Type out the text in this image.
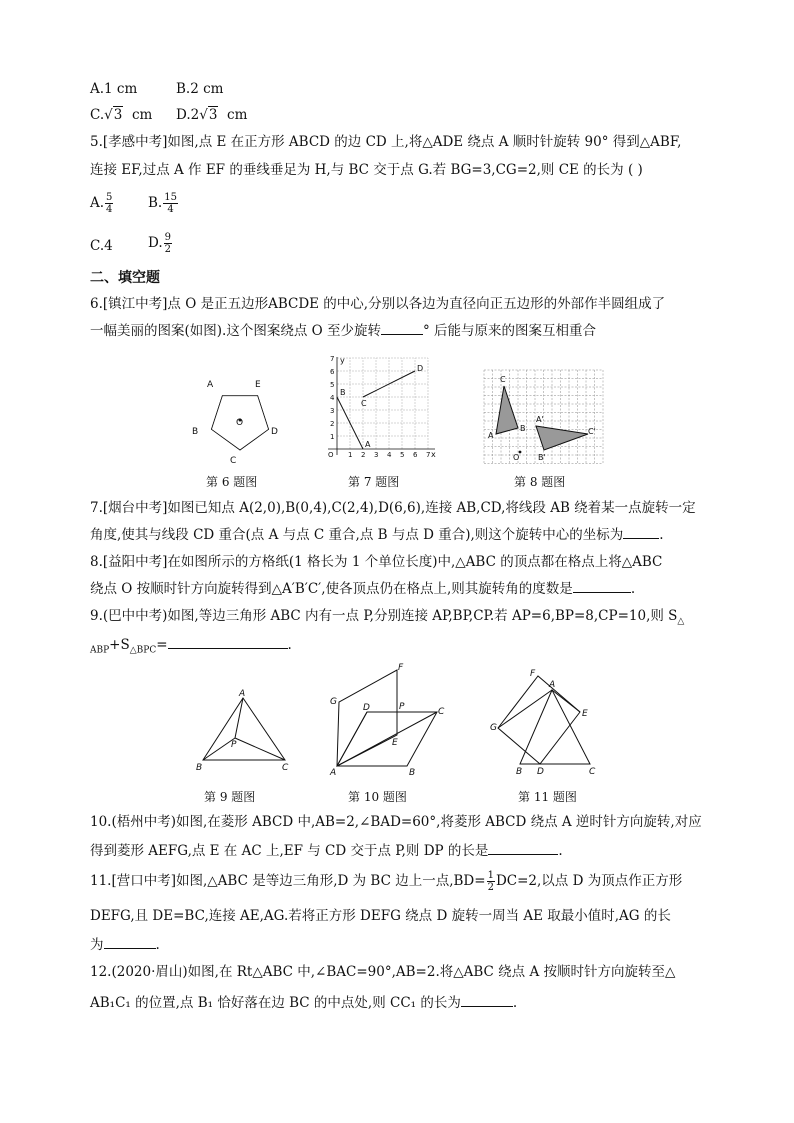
A.1 cm	B.2 cm
C.√3 cm D.2√3 cm
5.[孝感中考]如图,点 E 在正方形 ABCD 的边 CD 上,将△ADE 绕点 A 顺时针旋转 90° 得到△ABF,
连接 EF,过点 A 作 EF 的垂线垂足为 H,与 BC 交于点 G.若 BG=3,CG=2,则 CE 的长为 ( )
A. $\frac{5}{4}$	B. $\frac{15}{4}$
C.4	D. $\frac{9}{2}$
二、填空题
6.[镇江中考]点 O 是正五边形ABCDE 的中心,分别以各边为直径向正五边形的外部作半圆组成了
一幅美丽的图案(如图).这个图案绕点 O 至少旋转	° 后能与原来的图案互相重合
A	E
B	D
C
O
第 6 题图
y
x
O 1 2 3 4 5 6 7
1
2
3
4
5
6
7
A
B
C
D
第 7 题图
C
B
A
A'
C'
B'
O
第 8 题图
7.[烟台中考]如图已知点 A(2,0),B(0,4),C(2,4),D(6,6),连接 AB,CD,将线段 AB 绕着某一点旋转一定
角度,使其与线段 CD 重合(点 A 与点 C 重合,点 B 与点 D 重合),则这个旋转中心的坐标为	.
8.[益阳中考]在如图所示的方格纸(1 格长为 1 个单位长度)中,△ABC 的顶点都在格点上将△ABC
绕点 O 按顺时针方向旋转得到△A′B′C′,使各顶点仍在格点上,则其旋转角的度数是	.
9.(巴中中考)如图,等边三角形 ABC 内有一点 P,分别连接 AP,BP,CP.若 AP=6,BP=8,CP=10,则 $S_\triangle$
$_{ABP}+S_{\triangle BPC}=$	.
A
B	C
P
第 9 题图
A	B
C
D
E
F
G	P
第 10 题图
A
B	C
D
E
F
G
第 11 题图
10.(梧州中考)如图,在菱形 ABCD 中,AB=2,∠BAD=60°,将菱形 ABCD 绕点 A 逆时针方向旋转,对应
得到菱形 AEFG,点 E 在 AC 上,EF 与 CD 交于点 P,则 DP 的长是	.
11.[营口中考]如图,△ABC 是等边三角形,D 为 BC 边上一点$,BD= \frac{1}{2} DC=2$,以点 D 为顶点作正方形
DEFG,且 DE=BC,连接 AE,AG.若将正方形 DEFG 绕点 D 旋转一周当 AE 取最小值时,AG 的长
为	.
12.(2020·眉山)如图,在 Rt△ABC 中,∠BAC=90°,AB=2.将△ABC 绕点 A 按顺时针方向旋转至△
AB₁C₁ 的位置,点 B₁ 恰好落在边 BC 的中点处,则 CC₁ 的长为	.
